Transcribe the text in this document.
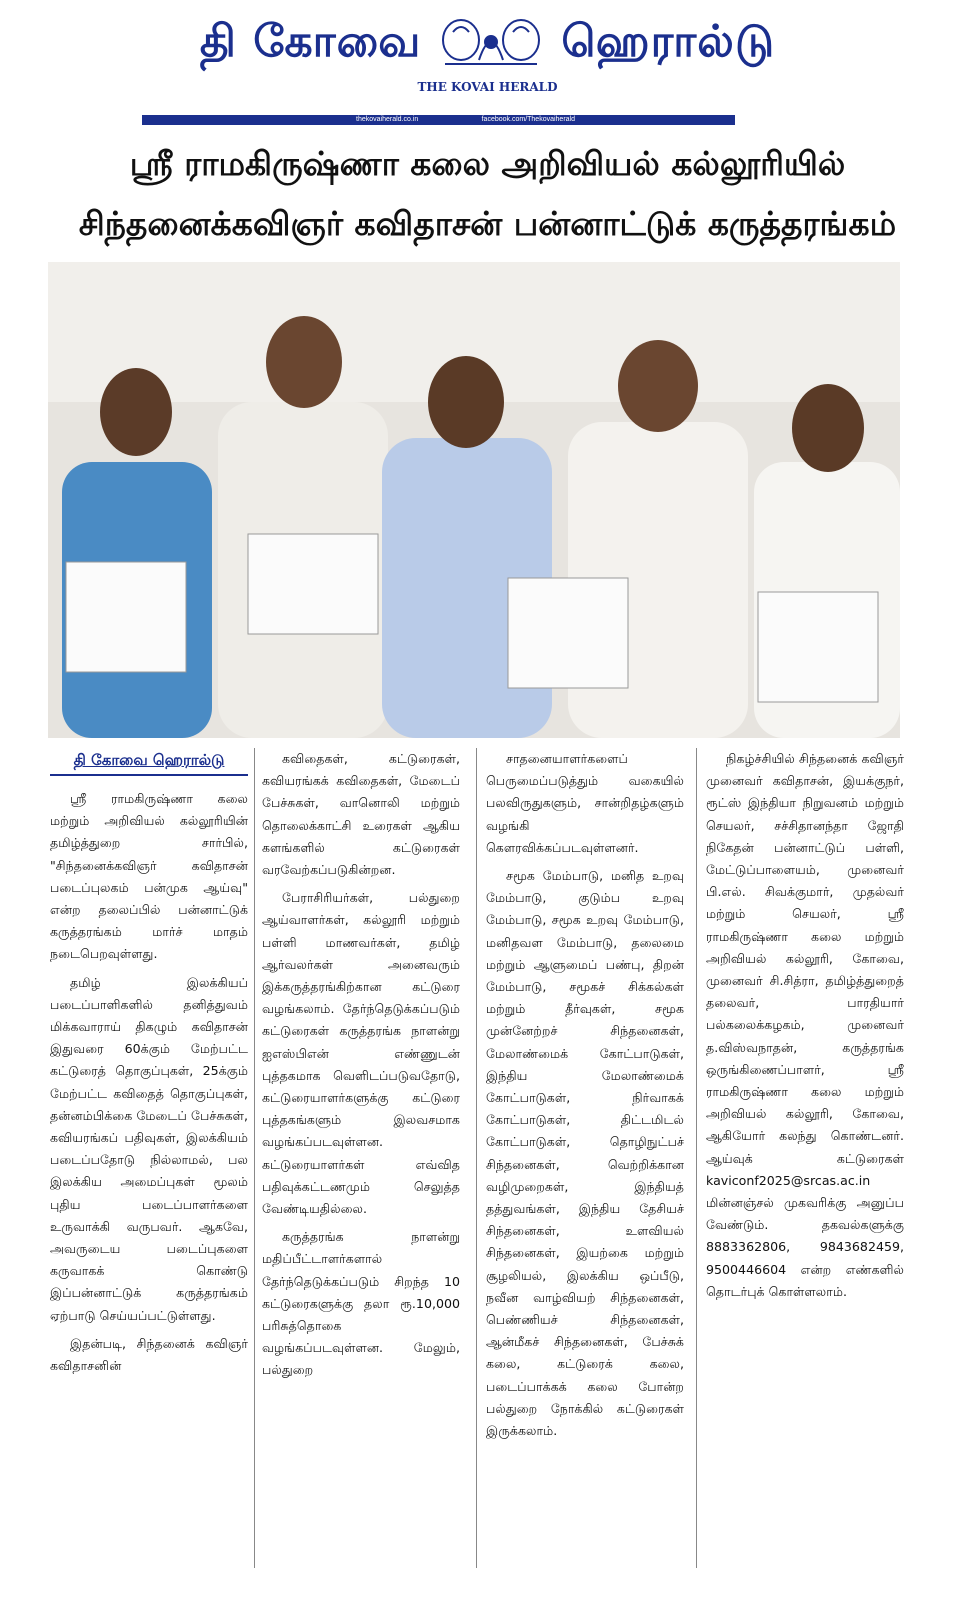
தி கோவை	ஹெரால்டு
THE KOVAI HERALD
thekovaiherald.co.in	facebook.com/Thekovaiherald
ஸ்ரீ ராமகிருஷ்ணா கலை அறிவியல் கல்லூரியில்
சிந்தனைக்கவிஞர் கவிதாசன் பன்னாட்டுக் கருத்தரங்கம்
தி கோவை ஹெரால்டு

ஸ்ரீ ராமகிருஷ்ணா கலை மற்றும் அறிவியல் கல்லூரியின் தமிழ்த்துறை சார்பில், "சிந்தனைக்கவிஞர் கவிதாசன் படைப்புலகம் பன்முக ஆய்வு" என்ற தலைப்பில் பன்னாட்டுக் கருத்தரங்கம் மார்ச் மாதம் நடைபெறவுள்ளது.

தமிழ் இலக்கியப் படைப்பாளிகளில் தனித்துவம் மிக்கவாராய் திகழும் கவிதாசன் இதுவரை 60க்கும் மேற்பட்ட கட்டுரைத் தொகுப்புகள், 25க்கும் மேற்பட்ட கவிதைத் தொகுப்புகள், தன்னம்பிக்கை மேடைப் பேச்சுகள், கவியரங்கப் பதிவுகள், இலக்கியம் படைப்பதோடு நில்லாமல், பல இலக்கிய அமைப்புகள் மூலம் புதிய படைப்பாளர்களை உருவாக்கி வருபவர். ஆகவே, அவருடைய படைப்புகளை கருவாகக் கொண்டு இப்பன்னாட்டுக் கருத்தரங்கம் ஏற்பாடு செய்யப்பட்டுள்ளது.

இதன்படி, சிந்தனைக் கவிஞர் கவிதாசனின்

கவிதைகள், கட்டுரைகள், கவியரங்கக் கவிதைகள், மேடைப் பேச்சுகள், வானொலி மற்றும் தொலைக்காட்சி உரைகள் ஆகிய களங்களில் கட்டுரைகள் வரவேற்கப்படுகின்றன.

பேராசிரியர்கள், பல்துறை ஆய்வாளர்கள், கல்லூரி மற்றும் பள்ளி மாணவர்கள், தமிழ் ஆர்வலர்கள் அனைவரும் இக்கருத்தரங்கிற்கான கட்டுரை வழங்கலாம். தேர்ந்தெடுக்கப்படும் கட்டுரைகள் கருத்தரங்க நாளன்று ஐஎஸ்பிஎன் எண்ணுடன் புத்தகமாக வெளிடப்படுவதோடு, கட்டுரையாளர்களுக்கு கட்டுரை புத்தகங்களும் இலவசமாக வழங்கப்படவுள்ளன. கட்டுரையாளர்கள் எவ்வித பதிவுக்கட்டணமும் செலுத்த வேண்டியதில்லை.

கருத்தரங்க நாளன்று மதிப்பீட்டாளர்களால் தேர்ந்தெடுக்கப்படும் சிறந்த 10 கட்டுரைகளுக்கு தலா ரூ.10,000 பரிசுத்தொகை வழங்கப்படவுள்ளன. மேலும், பல்துறை

சாதனையாளர்களைப் பெருமைப்படுத்தும் வகையில் பலவிருதுகளும், சான்றிதழ்களும் வழங்கி கௌரவிக்கப்படவுள்ளனர்.

சமூக மேம்பாடு, மனித உறவு மேம்பாடு, குடும்ப உறவு மேம்பாடு, சமூக உறவு மேம்பாடு, மனிதவள மேம்பாடு, தலைமை மற்றும் ஆளுமைப் பண்பு, திறன் மேம்பாடு, சமூகச் சிக்கல்கள் மற்றும் தீர்வுகள், சமூக முன்னேற்றச் சிந்தனைகள், மேலாண்மைக் கோட்பாடுகள், இந்திய மேலாண்மைக் கோட்பாடுகள், நிர்வாகக் கோட்பாடுகள், திட்டமிடல் கோட்பாடுகள், தொழிநுட்பச் சிந்தனைகள், வெற்றிக்கான வழிமுறைகள், இந்தியத் தத்துவங்கள், இந்திய தேசியச் சிந்தனைகள், உளவியல் சிந்தனைகள், இயற்கை மற்றும் சூழலியல், இலக்கிய ஒப்பீடு, நவீன வாழ்வியற் சிந்தனைகள், பெண்ணியச் சிந்தனைகள், ஆன்மீகச் சிந்தனைகள், பேச்சுக் கலை, கட்டுரைக் கலை, படைப்பாக்கக் கலை போன்ற பல்துறை நோக்கில் கட்டுரைகள் இருக்கலாம்.

நிகழ்ச்சியில் சிந்தனைக் கவிஞர் முனைவர் கவிதாசன், இயக்குநர், ரூட்ஸ் இந்தியா நிறுவனம் மற்றும் செயலர், சச்சிதானந்தா ஜோதி நிகேதன் பன்னாட்டுப் பள்ளி, மேட்டுப்பாளையம், முனைவர் பி.எல். சிவக்குமார், முதல்வர் மற்றும் செயலர், ஸ்ரீ ராமகிருஷ்ணா கலை மற்றும் அறிவியல் கல்லூரி, கோவை, முனைவர் சி.சித்ரா, தமிழ்த்துறைத் தலைவர், பாரதியார் பல்கலைக்கழகம், முனைவர் த.விஸ்வநாதன், கருத்தரங்க ஒருங்கிணைப்பாளர், ஸ்ரீ ராமகிருஷ்ணா கலை மற்றும் அறிவியல் கல்லூரி, கோவை, ஆகியோர் கலந்து கொண்டனர். ஆய்வுக் கட்டுரைகள் kaviconf2025@srcas.ac.in மின்னஞ்சல் முகவரிக்கு அனுப்ப வேண்டும். தகவல்களுக்கு 8883362806, 9843682459, 9500446604 என்ற எண்களில் தொடர்புக் கொள்ளலாம்.
